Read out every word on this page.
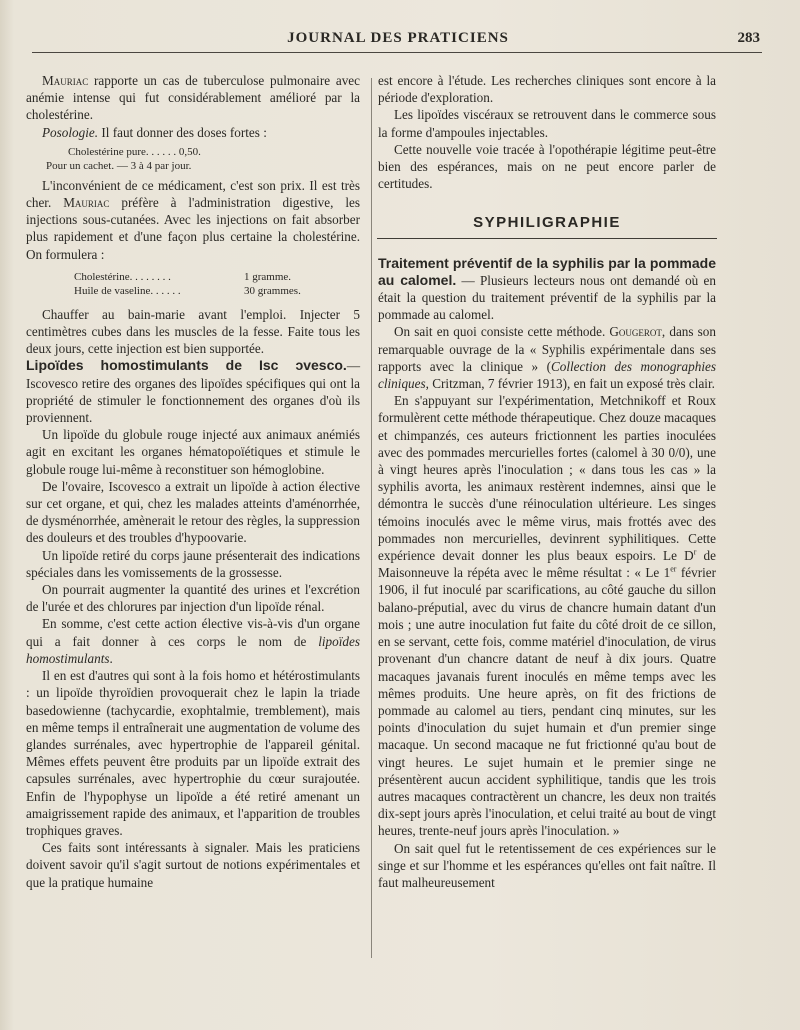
JOURNAL DES PRATICIENS	283

Mauriac rapporte un cas de tuberculose pulmonaire avec anémie intense qui fut considérablement amélioré par la cholestérine.

Posologie. Il faut donner des doses fortes :

Cholestérine pure. . . . . . 0,50.
Pour un cachet. — 3 à 4 par jour.

L'inconvénient de ce médicament, c'est son prix. Il est très cher. Mauriac préfère à l'administration digestive, les injections sous-cutanées. Avec les injections on fait absorber plus rapidement et d'une façon plus certaine la cholestérine. On formulera :

Cholestérine. . . . . . . .	1 gramme.
Huile de vaseline. . . . . .	30 grammes.

Chauffer au bain-marie avant l'emploi. Injecter 5 centimètres cubes dans les muscles de la fesse. Faite tous les deux jours, cette injection est bien supportée.

Lipoïdes homostimulants de Isc ɔvesco.— Iscovesco retire des organes des lipoïdes spécifiques qui ont la propriété de stimuler le fonctionnement des organes d'où ils proviennent.

Un lipoïde du globule rouge injecté aux animaux anémiés agit en excitant les organes hématopoïétiques et stimule le globule rouge lui-même à reconstituer son hémoglobine.

De l'ovaire, Iscovesco a extrait un lipoïde à action élective sur cet organe, et qui, chez les malades atteints d'aménorrhée, de dysménorrhée, amènerait le retour des règles, la suppression des douleurs et des troubles d'hypoovarie.

Un lipoïde retiré du corps jaune présenterait des indications spéciales dans les vomissements de la grossesse.

On pourrait augmenter la quantité des urines et l'excrétion de l'urée et des chlorures par injection d'un lipoïde rénal.

En somme, c'est cette action élective vis-à-vis d'un organe qui a fait donner à ces corps le nom de lipoïdes homostimulants.

Il en est d'autres qui sont à la fois homo et hétérostimulants : un lipoïde thyroïdien provoquerait chez le lapin la triade basedowienne (tachycardie, exophtalmie, tremblement), mais en même temps il entraînerait une augmentation de volume des glandes surrénales, avec hypertrophie de l'appareil génital. Mêmes effets peuvent être produits par un lipoïde extrait des capsules surrénales, avec hypertrophie du cœur surajoutée. Enfin de l'hypophyse un lipoïde a été retiré amenant un amaigrissement rapide des animaux, et l'apparition de troubles trophiques graves.

Ces faits sont intéressants à signaler. Mais les praticiens doivent savoir qu'il s'agit surtout de notions expérimentales et que la pratique humaine

est encore à l'étude. Les recherches cliniques sont encore à la période d'exploration.

Les lipoïdes viscéraux se retrouvent dans le commerce sous la forme d'ampoules injectables.

Cette nouvelle voie tracée à l'opothérapie légitime peut-être bien des espérances, mais on ne peut encore parler de certitudes.

SYPHILIGRAPHIE

Traitement préventif de la syphilis par la pommade au calomel. — Plusieurs lecteurs nous ont demandé où en était la question du traitement préventif de la syphilis par la pommade au calomel.

On sait en quoi consiste cette méthode. Gougerot, dans son remarquable ouvrage de la « Syphilis expérimentale dans ses rapports avec la clinique » (Collection des monographies cliniques, Critzman, 7 février 1913), en fait un exposé très clair.

En s'appuyant sur l'expérimentation, Metchnikoff et Roux formulèrent cette méthode thérapeutique. Chez douze macaques et chimpanzés, ces auteurs frictionnent les parties inoculées avec des pommades mercurielles fortes (calomel à 30 0/0), une à vingt heures après l'inoculation ; « dans tous les cas » la syphilis avorta, les animaux restèrent indemnes, ainsi que le démontra le succès d'une réinoculation ultérieure. Les singes témoins inoculés avec le même virus, mais frottés avec des pommades non mercurielles, devinrent syphilitiques. Cette expérience devait donner les plus beaux espoirs. Le $D^r$ de Maisonneuve la répéta avec le même résultat : « Le 1er février 1906, il fut inoculé par scarifications, au côté gauche du sillon balano-préputial, avec du virus de chancre humain datant d'un mois ; une autre inoculation fut faite du côté droit de ce sillon, en se servant, cette fois, comme matériel d'inoculation, de virus provenant d'un chancre datant de neuf à dix jours. Quatre macaques javanais furent inoculés en même temps avec les mêmes produits. Une heure après, on fit des frictions de pommade au calomel au tiers, pendant cinq minutes, sur les points d'inoculation du sujet humain et d'un premier singe macaque. Un second macaque ne fut frictionné qu'au bout de vingt heures. Le sujet humain et le premier singe ne présentèrent aucun accident syphilitique, tandis que les trois autres macaques contractèrent un chancre, les deux non traités dix-sept jours après l'inoculation, et celui traité au bout de vingt heures, trente-neuf jours après l'inoculation. »

On sait quel fut le retentissement de ces expériences sur le singe et sur l'homme et les espérances qu'elles ont fait naître. Il faut malheureusement
